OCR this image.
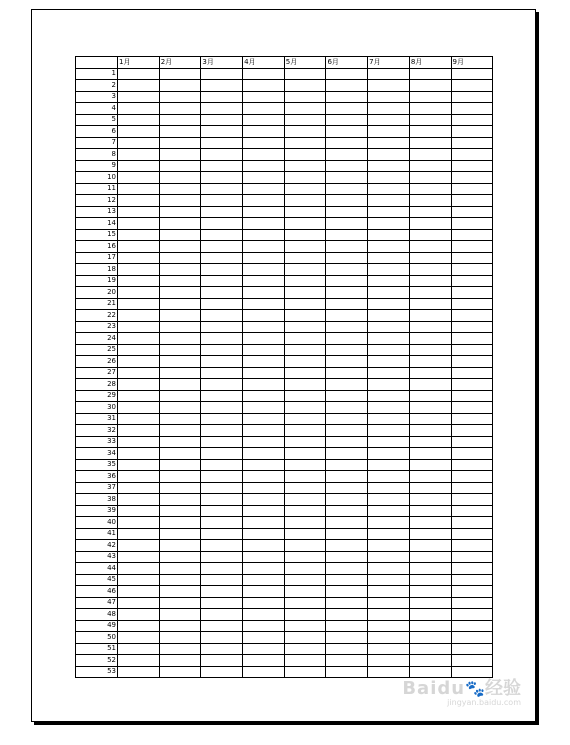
	1月	2月	3月	4月	5月	6月	7月	8月	9月
1									
2									
3									
4									
5									
6									
7									
8									
9									
10									
11									
12									
13									
14									
15									
16									
17									
18									
19									
20									
21									
22									
23									
24									
25									
26									
27									
28									
29									
30									
31									
32									
33									
34									
35									
36									
37									
38									
39									
40									
41									
42									
43									
44									
45									
46									
47									
48									
49									
50									
51									
52									
53									
Baidu🐾经验
jingyan.baidu.com
